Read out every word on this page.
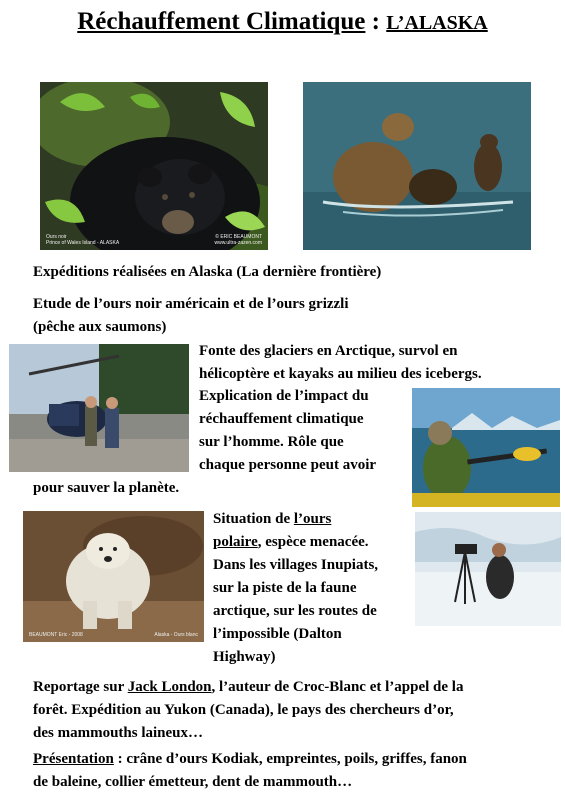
Réchauffement Climatique : L’ALASKA
Ours noir
Prince of Wales Island - ALASKA
© ERIC BEAUMONT
www.ultra-zazen.com

Expéditions réalisées en Alaska (La dernière frontière)

Etude de l’ours noir américain et de l’ours grizzli
(pêche aux saumons)

Fonte des glaciers en Arctique, survol en
hélicoptère et kayaks au milieu des icebergs.

Explication de l’impact du
réchauffement climatique
sur l’homme. Rôle que
chaque personne peut avoir

pour sauver la planète.

BEAUMONT Eric - 2008	Alaska - Ours blanc

Situation de l’ours
polaire, espèce menacée.
Dans les villages Inupiats,
sur la piste de la faune
arctique, sur les routes de
l’impossible (Dalton
Highway)

Reportage sur Jack London, l’auteur de Croc-Blanc et l’appel de la
forêt. Expédition au Yukon (Canada), le pays des chercheurs d’or,
des mammouths laineux…

Présentation : crâne d’ours Kodiak, empreintes, poils, griffes, fanon
de baleine, collier émetteur, dent de mammouth…
